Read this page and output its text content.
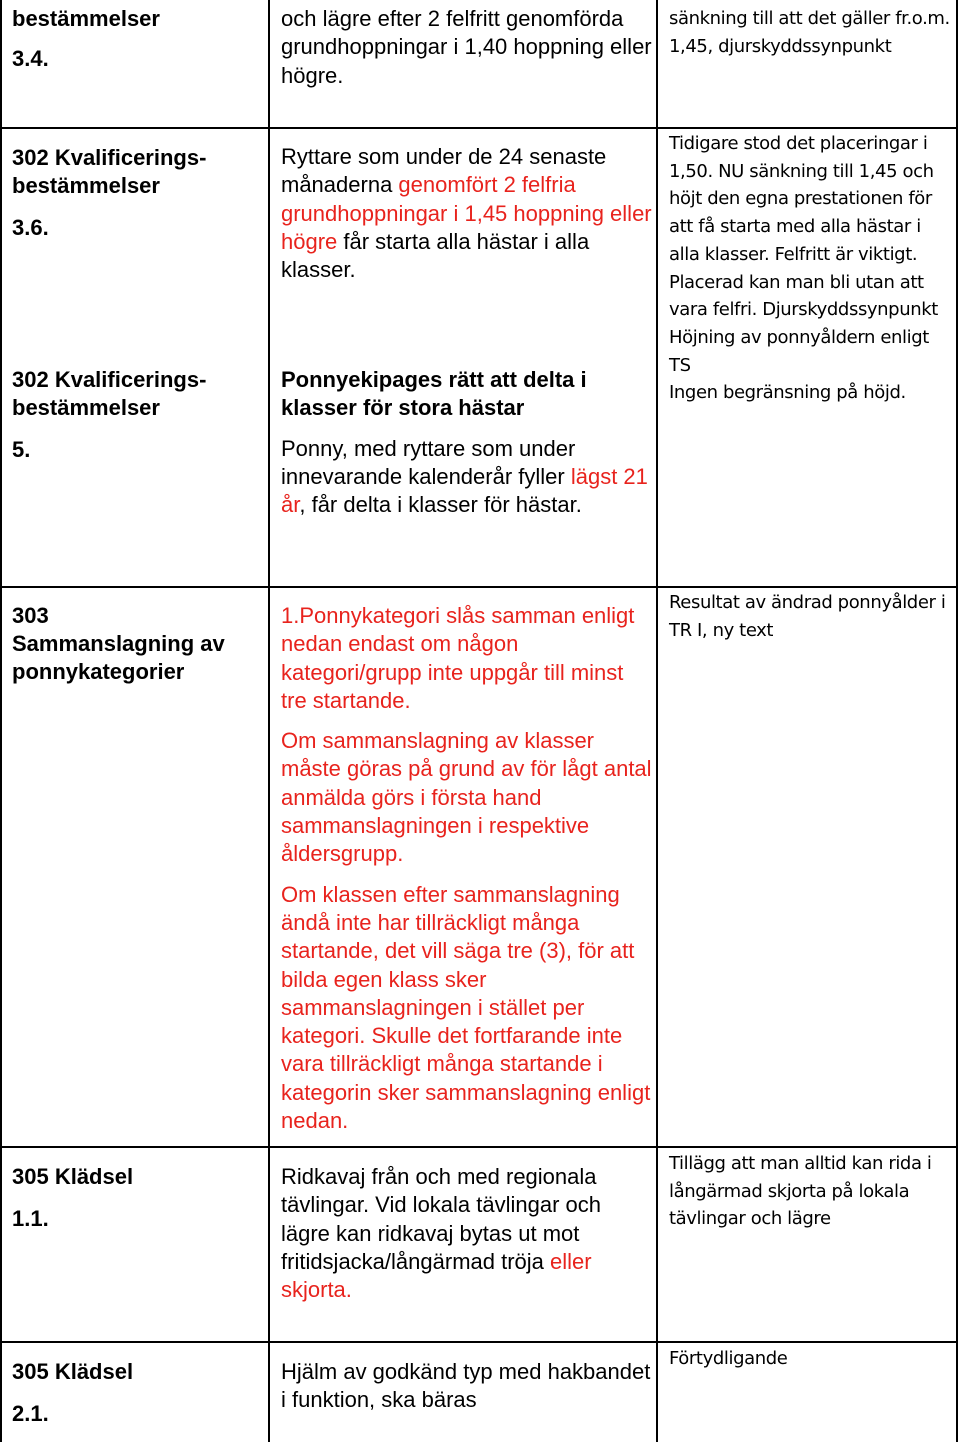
bestämmelser
3.4.

och lägre efter 2 felfritt genomförda grundhoppningar i 1,40 hoppning eller högre.

sänkning till att det gäller fr.o.m. 1,45, djurskyddssynpunkt

302 Kvalificerings-
bestämmelser
3.6.
302 Kvalificerings-
bestämmelser
5.

Ryttare som under de 24 senaste månaderna genomfört 2 felfria grundhoppningar i 1,45 hoppning eller högre får starta alla hästar i alla klasser.

Ponnyekipages rätt att delta i klasser för stora hästar

Ponny, med ryttare som under innevarande kalenderår fyller lägst 21 år, får delta i klasser för hästar.

Tidigare stod det placeringar i 1,50. NU sänkning till 1,45 och höjt den egna prestationen för att få starta med alla hästar i alla klasser. Felfritt är viktigt. Placerad kan man bli utan att vara felfri. Djurskyddssynpunkt

Höjning av ponnyåldern enligt TS

Ingen begränsning på höjd.

303
Sammanslagning av
ponnykategorier

1.Ponnykategori slås samman enligt nedan endast om någon kategori/grupp inte uppgår till minst tre startande.

Om sammanslagning av klasser måste göras på grund av för lågt antal anmälda görs i första hand sammanslagningen i respektive åldersgrupp.

Om klassen efter sammanslagning ändå inte har tillräckligt många startande, det vill säga tre (3), för att bilda egen klass sker sammanslagningen i stället per kategori. Skulle det fortfarande inte vara tillräckligt många startande i kategorin sker sammanslagning enligt nedan.

Resultat av ändrad ponnyålder i TR I, ny text

305 Klädsel
1.1.

Ridkavaj från och med regionala tävlingar. Vid lokala tävlingar och lägre kan ridkavaj bytas ut mot fritidsjacka/långärmad tröja eller skjorta.

Tillägg att man alltid kan rida i långärmad skjorta på lokala tävlingar och lägre

305 Klädsel
2.1.

Hjälm av godkänd typ med hakbandet i funktion, ska bäras

Förtydligande
